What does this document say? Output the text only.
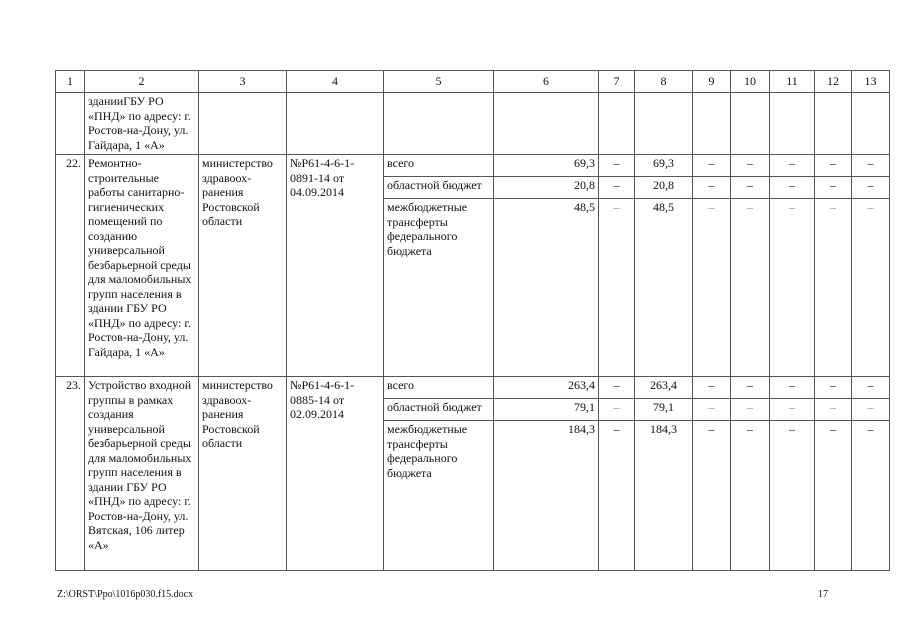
1	2	3	4	5	6	7	8	9	10	11	12	13
	зданииГБУ РО «ПНД» по адресу: г. Ростов-на-Дону, ул. Гайдара, 1 «А»											
22.	Ремонтно-строительные работы санитарно-гигиенических помещений по созданию универсальной безбарьерной среды для маломобильных групп населения в здании ГБУ РО «ПНД» по адресу: г. Ростов-на-Дону, ул. Гайдара, 1 «А»	министерство здравоох-ранения Ростовской области	№Р61-4-6-1-0891-14 от 04.09.2014	всего	69,3	–	69,3	–	–	–	–	–
				областной бюджет	20,8	–	20,8	–	–	–	–	–
				межбюджетные трансферты федерального бюджета	48,5	–	48,5	–	–	–	–	–
23.	Устройство входной группы в рамках создания универсальной безбарьерной среды для маломобильных групп населения в здании ГБУ РО «ПНД» по адресу: г. Ростов-на-Дону, ул. Вятская, 106 литер «А»	министерство здравоох-ранения Ростовской области	№Р61-4-6-1-0885-14 от 02.09.2014	всего	263,4	–	263,4	–	–	–	–	–
				областной бюджет	79,1	–	79,1	–	–	–	–	–
				межбюджетные трансферты федерального бюджета	184,3	–	184,3	–	–	–	–	–
Z:\ORST\Ppo\1016p030.f15.docx	17
